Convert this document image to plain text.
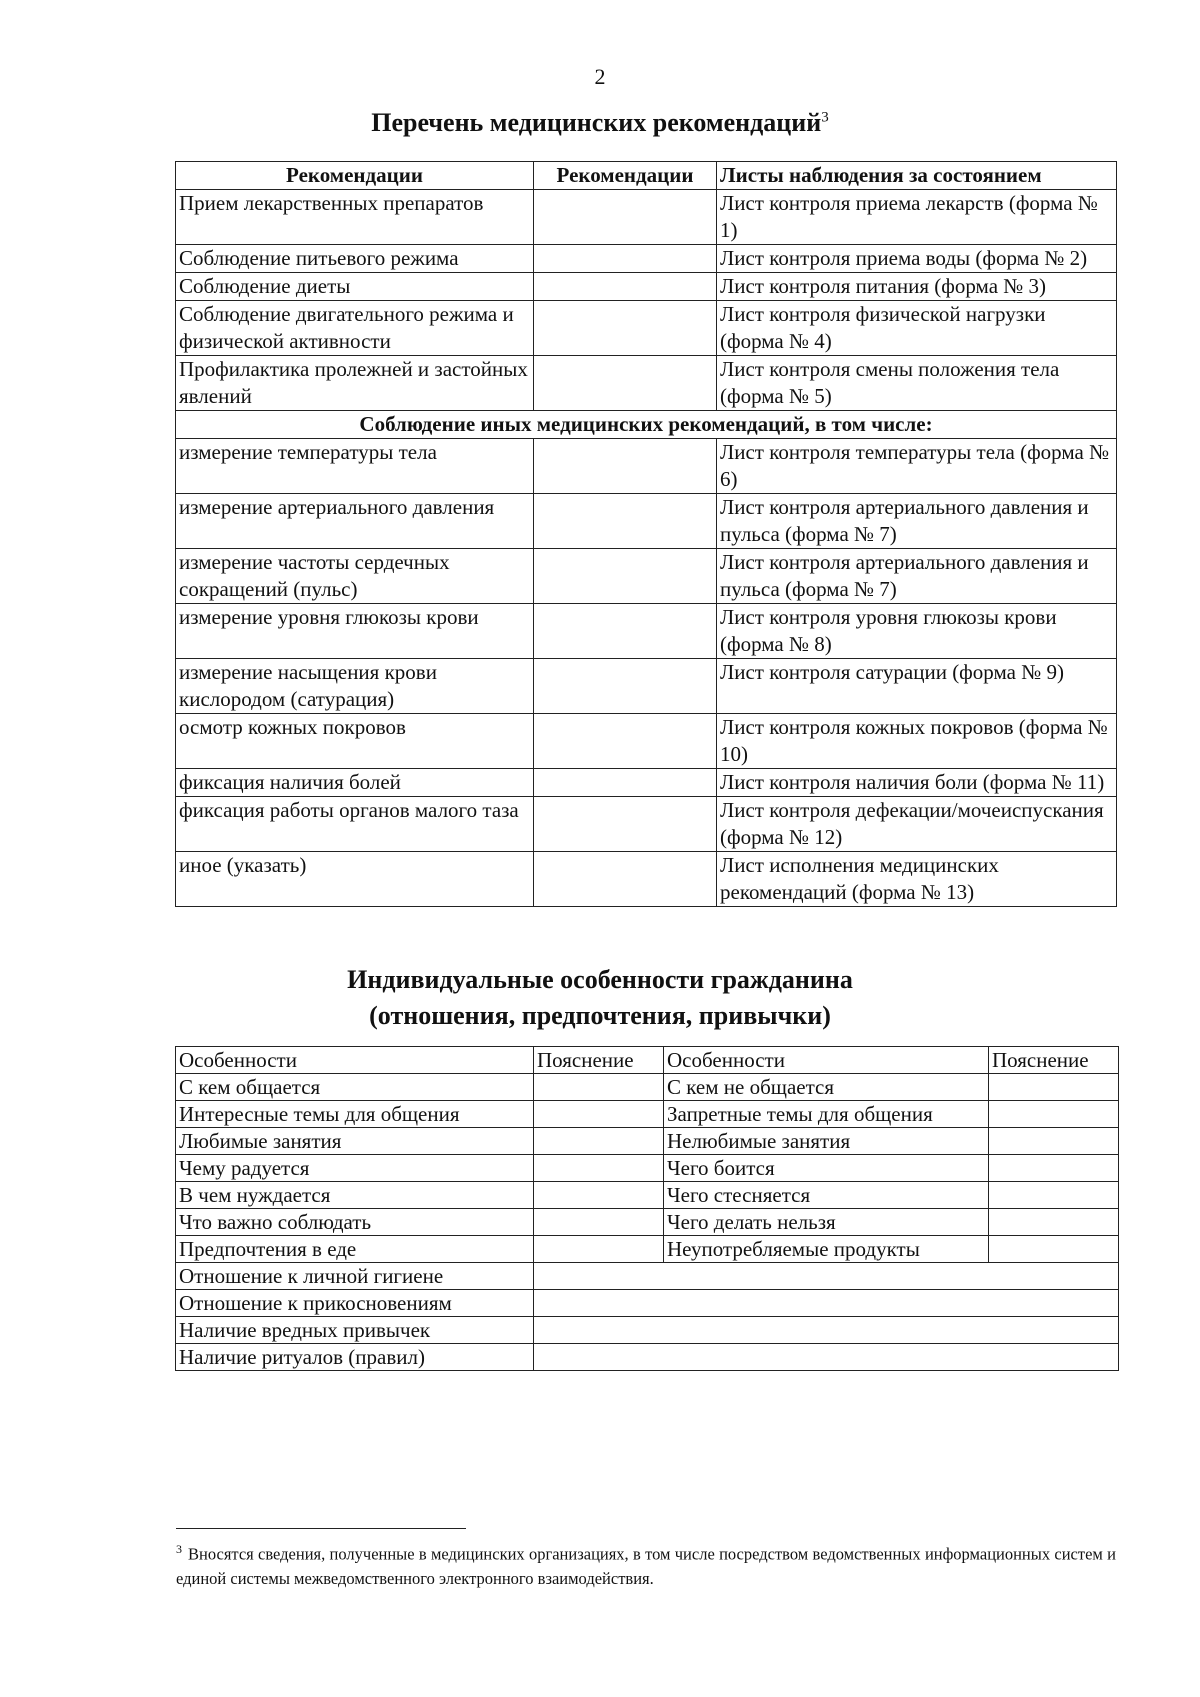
2
Перечень медицинских рекомендаций$^3$
Рекомендации	Рекомендации	Листы наблюдения за состоянием
Прием лекарственных препаратов		Лист контроля приема лекарств (форма № 1)
Соблюдение питьевого режима		Лист контроля приема воды (форма № 2)
Соблюдение диеты		Лист контроля питания (форма № 3)
Соблюдение двигательного режима и физической активности		Лист контроля физической нагрузки (форма № 4)
Профилактика пролежней и застойных явлений		Лист контроля смены положения тела (форма № 5)
Соблюдение иных медицинских рекомендаций, в том числе:		
измерение температуры тела		Лист контроля температуры тела (форма № 6)
измерение артериального давления		Лист контроля артериального давления и пульса (форма № 7)
измерение частоты сердечных сокращений (пульс)		Лист контроля артериального давления и пульса (форма № 7)
измерение уровня глюкозы крови		Лист контроля уровня глюкозы крови (форма № 8)
измерение насыщения крови кислородом (сатурация)		Лист контроля сатурации (форма № 9)
осмотр кожных покровов		Лист контроля кожных покровов (форма № 10)
фиксация наличия болей		Лист контроля наличия боли (форма № 11)
фиксация работы органов малого таза		Лист контроля дефекации/мочеиспускания (форма № 12)
иное (указать)		Лист исполнения медицинских рекомендаций (форма № 13)
Индивидуальные особенности гражданина
(отношения, предпочтения, привычки)
Особенности	Пояснение	Особенности	Пояснение
С кем общается		С кем не общается	
Интересные темы для общения		Запретные темы для общения	
Любимые занятия		Нелюбимые занятия	
Чему радуется		Чего боится	
В чем нуждается		Чего стесняется	
Что важно соблюдать		Чего делать нельзя	
Предпочтения в еде		Неупотребляемые продукты	
Отношение к личной гигиене			
Отношение к прикосновениям			
Наличие вредных привычек			
Наличие ритуалов (правил)			
$^3$ Вносятся сведения, полученные в медицинских организациях, в том числе посредством ведомственных информационных систем и единой системы межведомственного электронного взаимодействия.
